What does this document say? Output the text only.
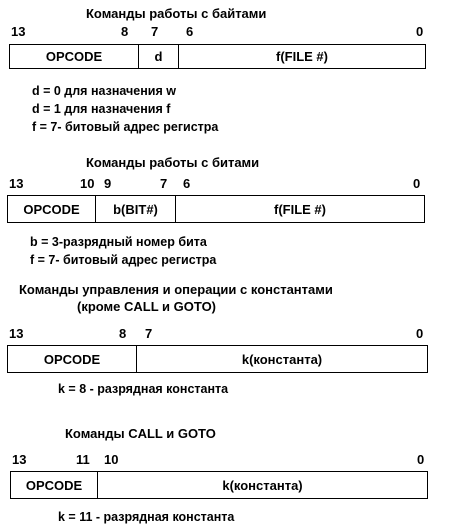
Команды работы с байтами
13	8 7 6	0
OPCODE	d	f(FILE #)
d = 0 для назначения w
d = 1 для назначения f
f = 7- битовый адрес регистра
Команды работы с битами
13	10 9	7 6	0
OPCODE	b(BIT#)	f(FILE #)
b = 3-разрядный номер бита
f = 7- битовый адрес регистра
Команды управления и операции с константами
(кроме CALL и GOTO)
13	8 7	0
OPCODE	k(константа)
k = 8 - разрядная константа
Команды CALL и GOTO
13	11 10	0
OPCODE	k(константа)
k = 11 - разрядная константа
